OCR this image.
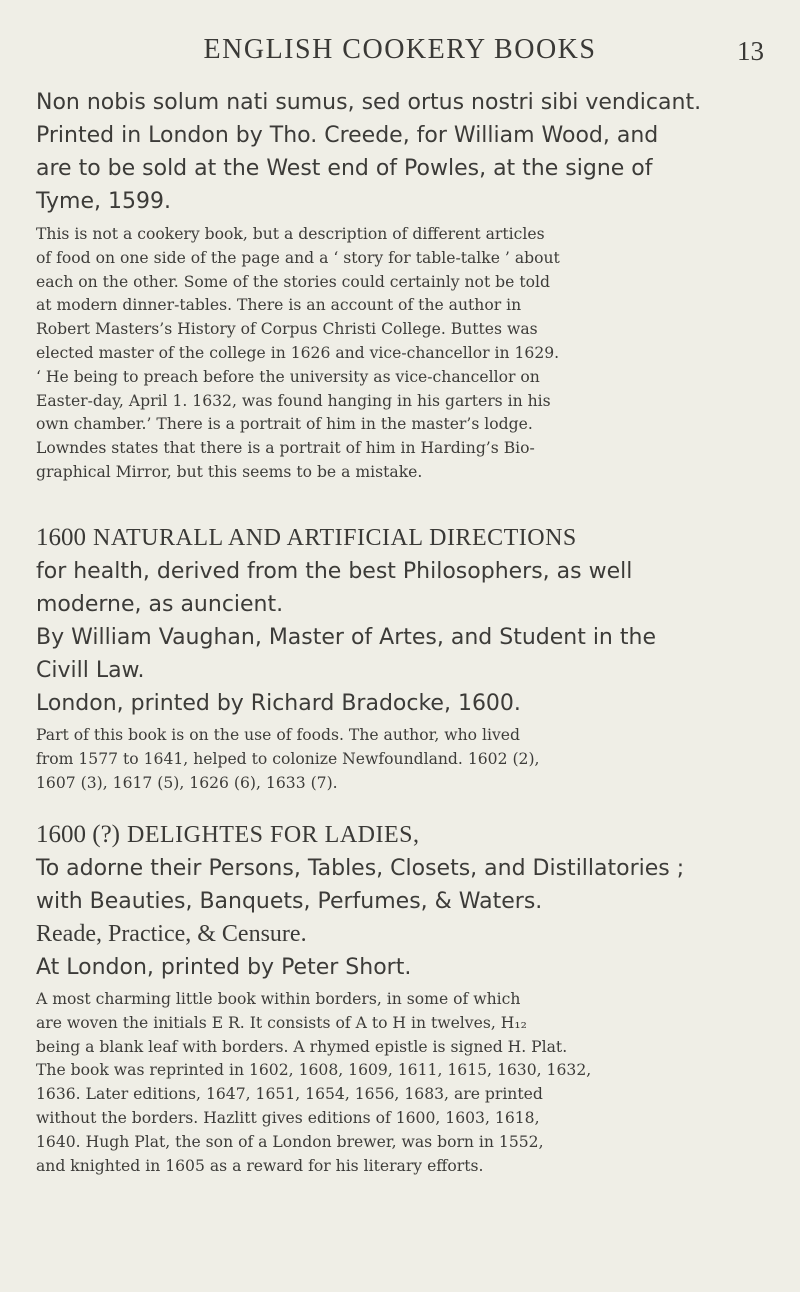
ENGLISH COOKERY BOOKS	13

Non nobis solum nati sumus, sed ortus nostri sibi vendicant.

Printed in London by Tho. Creede, for William Wood, and

are to be sold at the West end of Powles, at the signe of

Tyme, 1599.

This is not a cookery book, but a description of different articles

of food on one side of the page and a ‘ story for table-talke ’ about

each on the other. Some of the stories could certainly not be told

at modern dinner-tables. There is an account of the author in

Robert Masters’s History of Corpus Christi College. Buttes was

elected master of the college in 1626 and vice-chancellor in 1629.

‘ He being to preach before the university as vice-chancellor on

Easter-day, April 1. 1632, was found hanging in his garters in his

own chamber.’ There is a portrait of him in the master’s lodge.

Lowndes states that there is a portrait of him in Harding’s Bio-

graphical Mirror, but this seems to be a mistake.

1600 NATURALL AND ARTIFICIAL DIRECTIONS

for health, derived from the best Philosophers, as well

moderne, as auncient.

By William Vaughan, Master of Artes, and Student in the

Civill Law.

London, printed by Richard Bradocke, 1600.

Part of this book is on the use of foods. The author, who lived

from 1577 to 1641, helped to colonize Newfoundland. 1602 (2),

1607 (3), 1617 (5), 1626 (6), 1633 (7).

1600 (?) DELIGHTES FOR LADIES,

To adorne their Persons, Tables, Closets, and Distillatories ;

with Beauties, Banquets, Perfumes, & Waters.

Reade, Practice, & Censure.

At London, printed by Peter Short.

A most charming little book within borders, in some of which

are woven the initials E R. It consists of A to H in twelves, H₁₂

being a blank leaf with borders. A rhymed epistle is signed H. Plat.

The book was reprinted in 1602, 1608, 1609, 1611, 1615, 1630, 1632,

1636. Later editions, 1647, 1651, 1654, 1656, 1683, are printed

without the borders. Hazlitt gives editions of 1600, 1603, 1618,

1640. Hugh Plat, the son of a London brewer, was born in 1552,

and knighted in 1605 as a reward for his literary efforts.
